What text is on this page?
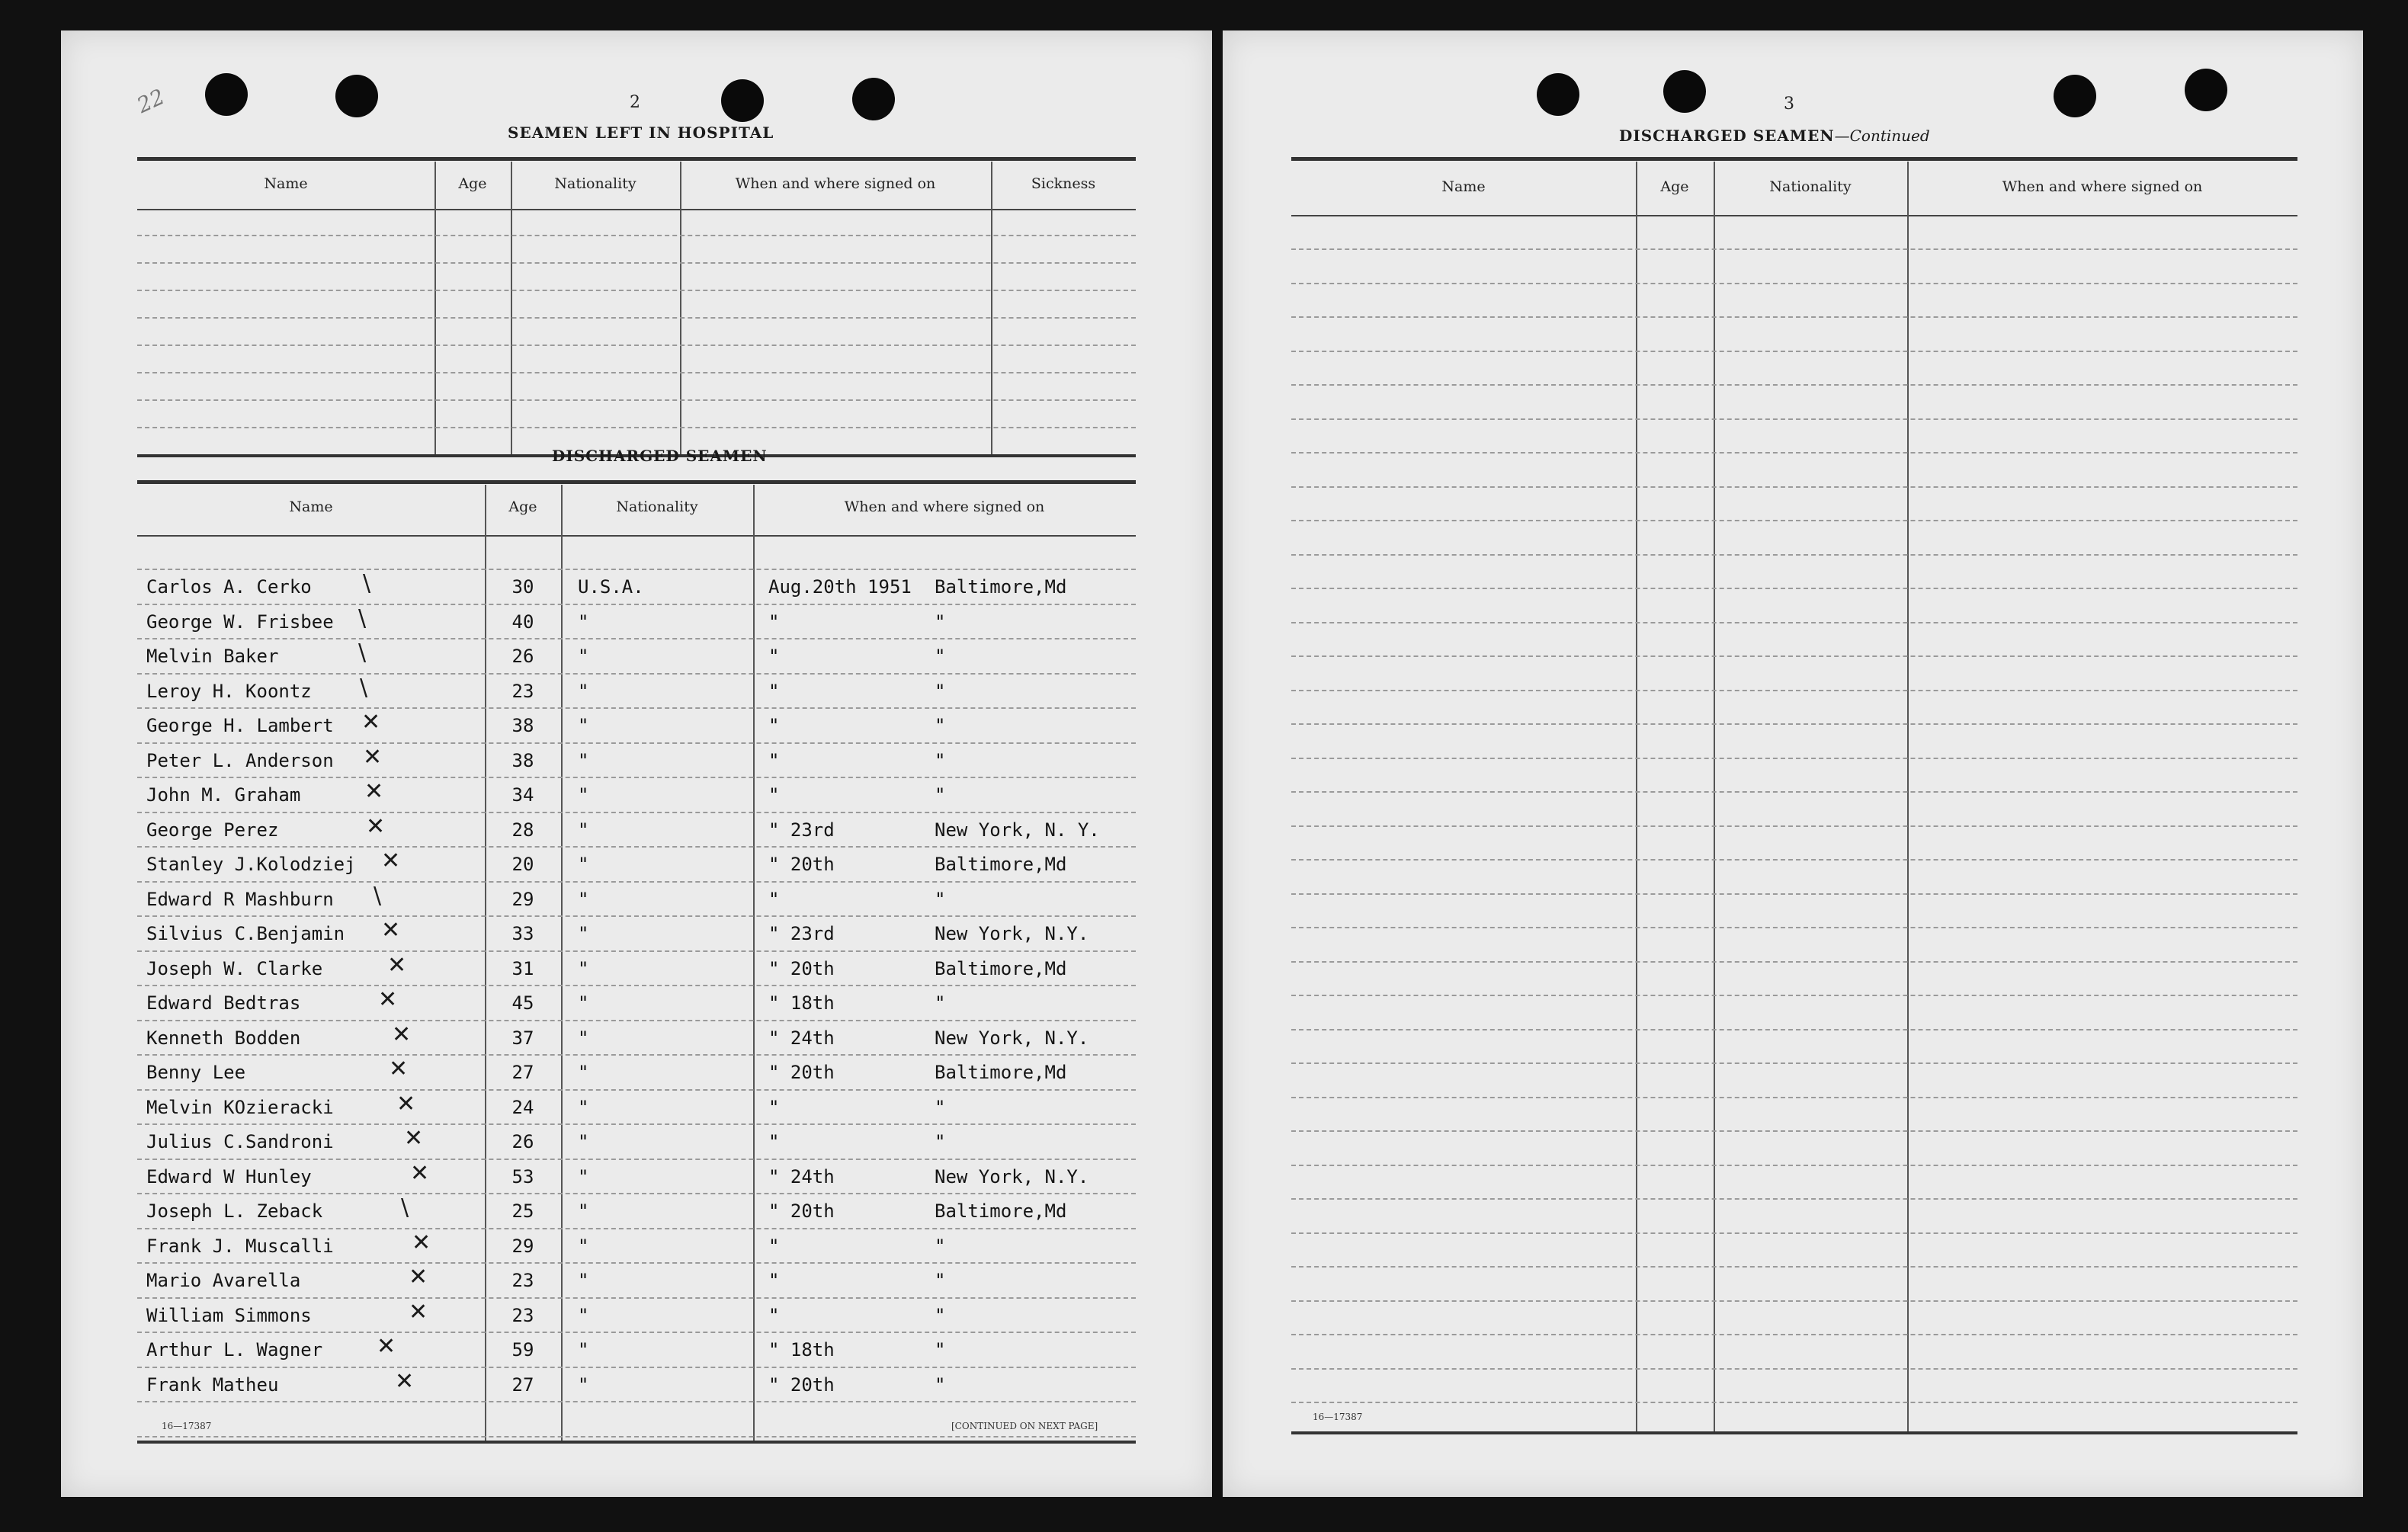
22	2
SEAMEN LEFT IN HOSPITAL
Name	Age	Nationality	When and where signed on	Sickness
DISCHARGED SEAMEN
Name	Age	Nationality	When and where signed on
Carlos A. Cerko \	30	U.S.A.	Aug.20th 1951 Baltimore,Md
George W. Frisbee \	40	"	"	"
Melvin Baker	\	26	"	"	"
Leroy H. Koontz \	23	"	"	"
George H. Lambert ✕	38	"	"	"
Peter L. Anderson ✕	38	"	"	"
John M. Graham	✕	34	"	"	"
George Perez	✕	28	"	" 23rd	New York, N. Y.
Stanley J.Kolodziej ✕	20	"	" 20th	Baltimore,Md
Edward R Mashburn \	29	"	"	"
Silvius C.Benjamin ✕	33	"	" 23rd	New York, N.Y.
Joseph W. Clarke	✕	31	"	" 20th	Baltimore,Md
Edward Bedtras	✕	45	"	" 18th	"
Kenneth Bodden	✕	37	"	" 24th	New York, N.Y.
Benny Lee	✕	27	"	" 20th	Baltimore,Md
Melvin KOzieracki	✕	24	"	"	"
Julius C.Sandroni	✕	26	"	"	"
Edward W Hunley	✕	53	"	" 24th	New York, N.Y.
Joseph L. Zeback	\	25	"	" 20th	Baltimore,Md
Frank J. Muscalli	✕	29	"	"	"
Mario Avarella	✕	23	"	"	"
William Simmons	✕	23	"	"	"
Arthur L. Wagner ✕	59	"	" 18th	"
Frank Matheu	✕	27	"	" 20th	"
16—17387	[CONTINUED ON NEXT PAGE]
3
DISCHARGED SEAMEN—Continued
Name	Age	Nationality	When and where signed on
16—17387
